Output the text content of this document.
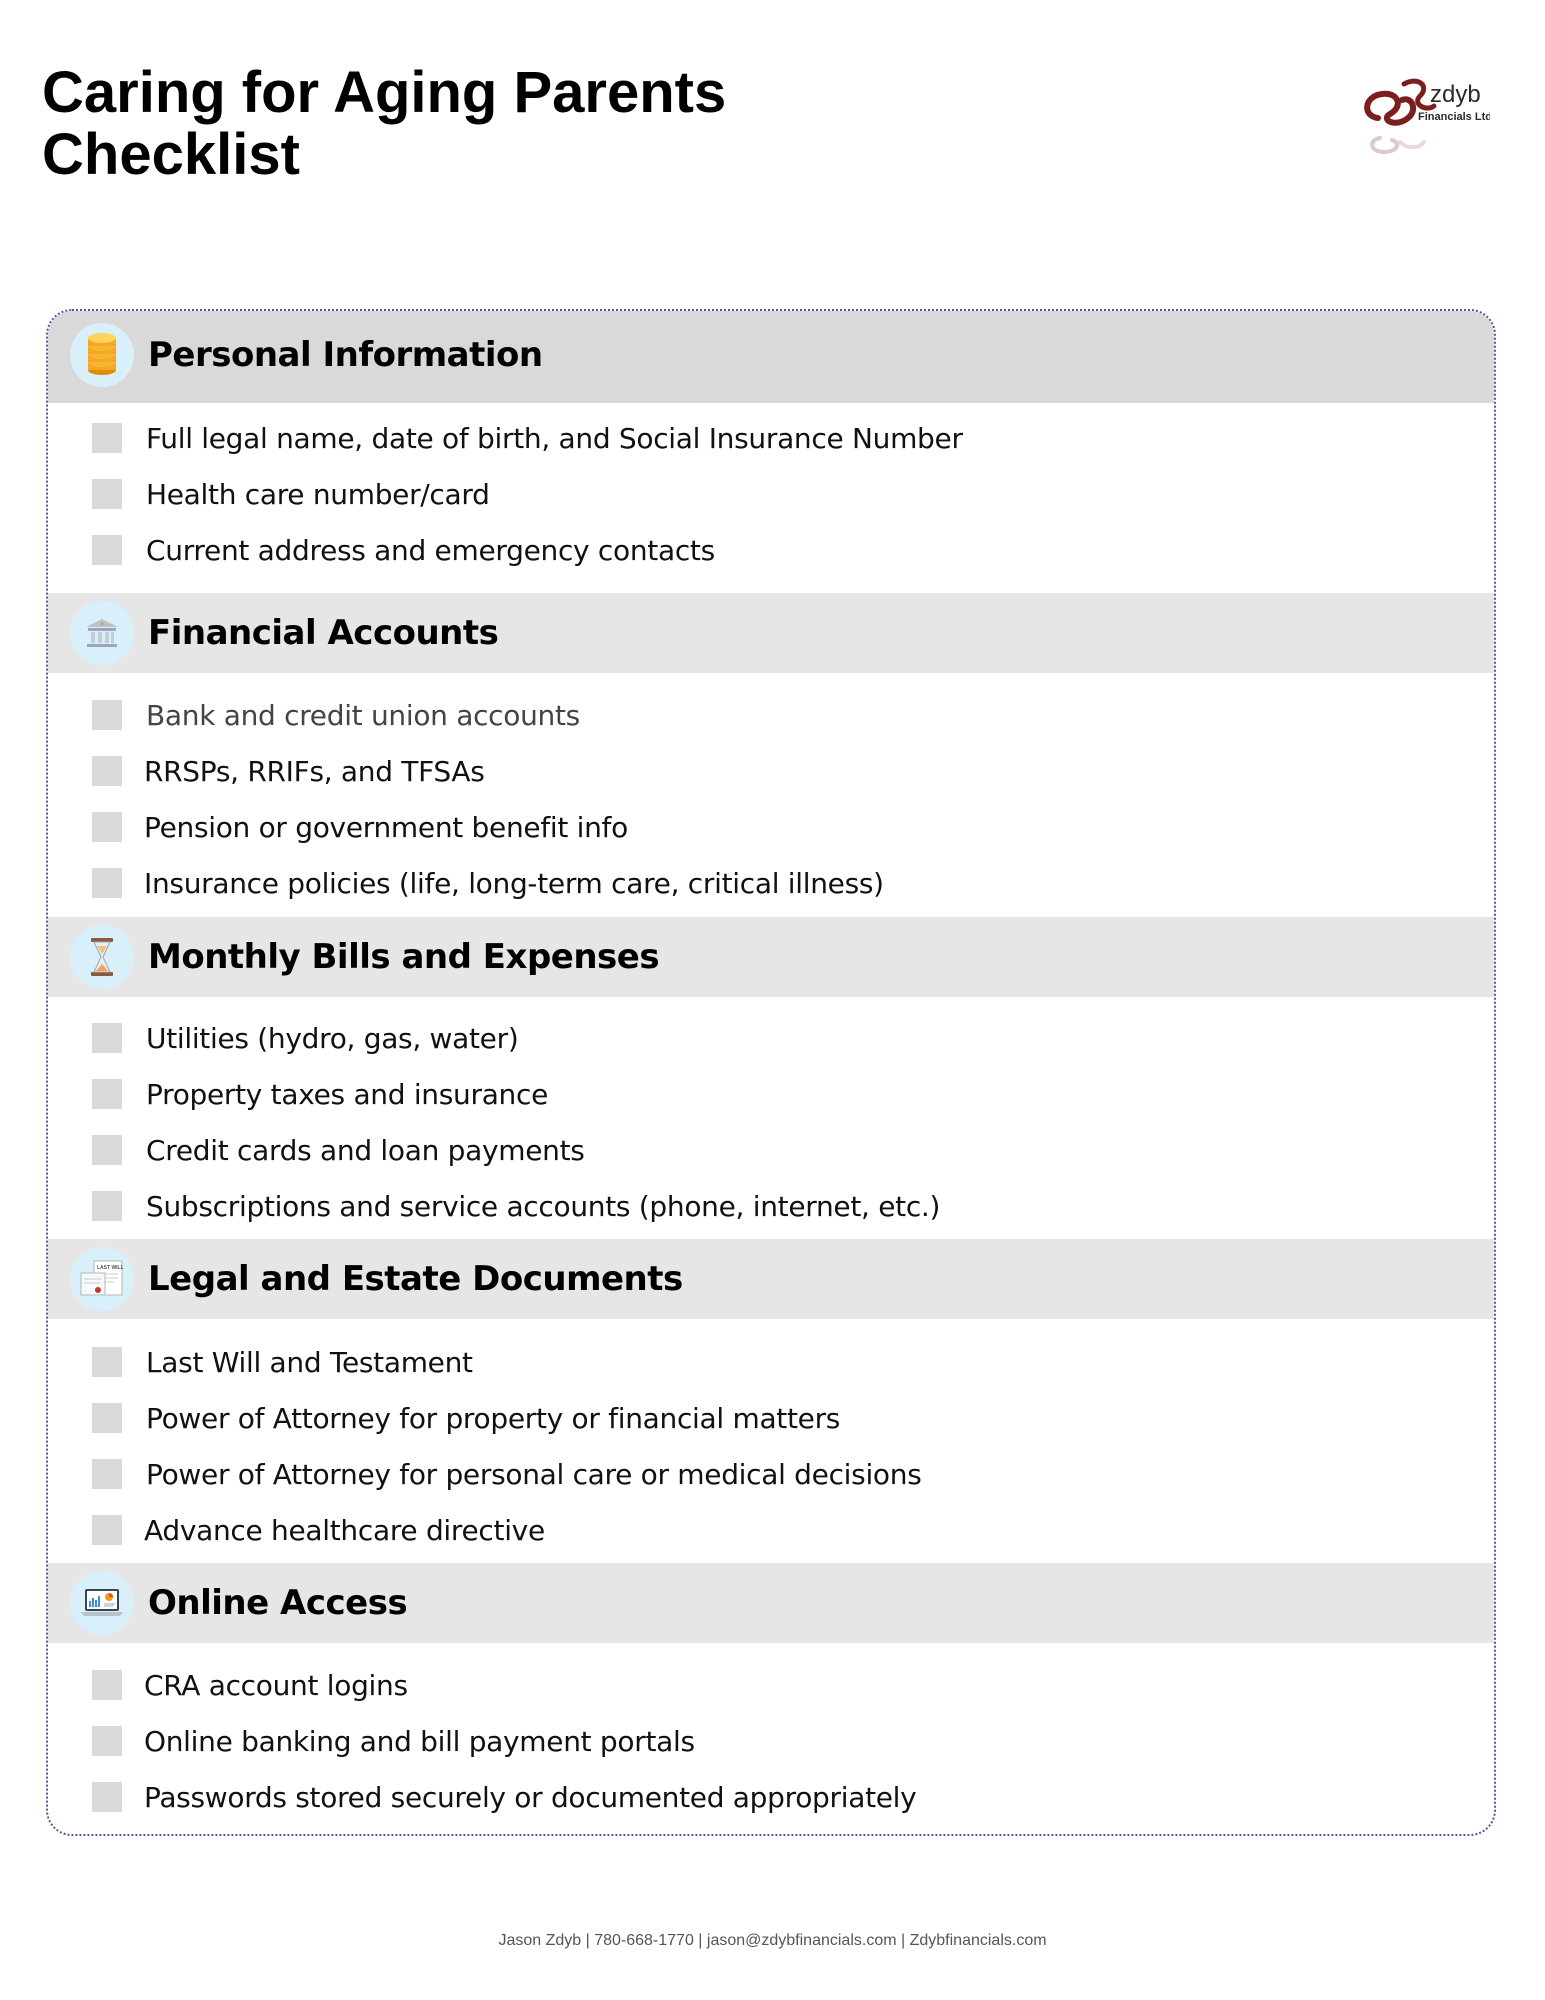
Caring for Aging Parents
Checklist
zdyb
Financials Ltd
Personal Information
Full legal name, date of birth, and Social Insurance Number
Health care number/card
Current address and emergency contacts
Financial Accounts
Bank and credit union accounts
RRSPs, RRIFs, and TFSAs
Pension or government benefit info
Insurance policies (life, long-term care, critical illness)
Monthly Bills and Expenses
Utilities (hydro, gas, water)
Property taxes and insurance
Credit cards and loan payments
Subscriptions and service accounts (phone, internet, etc.)
LAST WILL Legal and Estate Documents
Last Will and Testament
Power of Attorney for property or financial matters
Power of Attorney for personal care or medical decisions
Advance healthcare directive
Online Access
CRA account logins
Online banking and bill payment portals
Passwords stored securely or documented appropriately
Jason Zdyb | 780-668-1770 | jason@zdybfinancials.com | Zdybfinancials.com
